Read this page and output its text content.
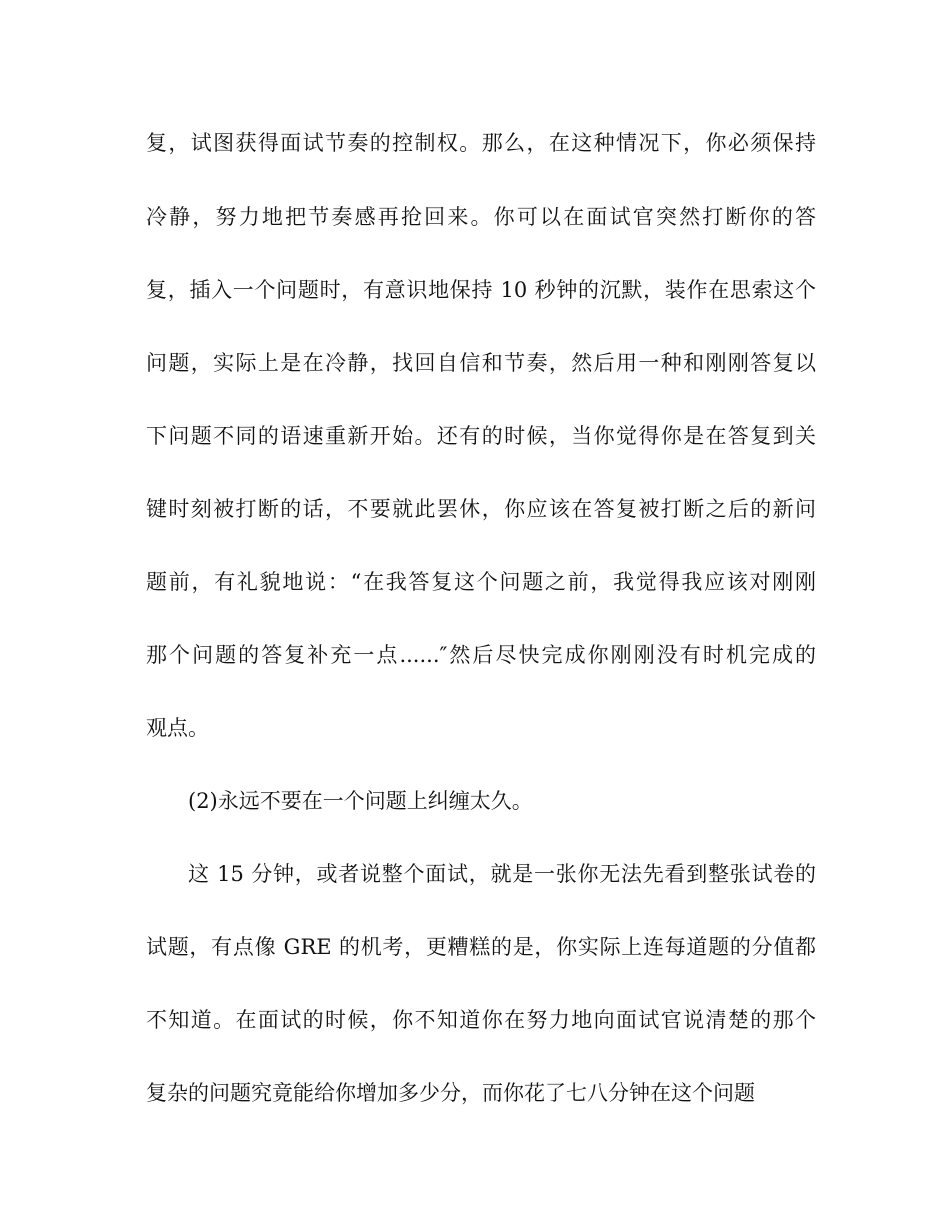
复，试图获得面试节奏的控制权。那么，在这种情况下，你必须保持
冷静，努力地把节奏感再抢回来。你可以在面试官突然打断你的答
复，插入一个问题时，有意识地保持 10 秒钟的沉默，装作在思索这个
问题，实际上是在冷静，找回自信和节奏，然后用一种和刚刚答复以
下问题不同的语速重新开始。还有的时候，当你觉得你是在答复到关
键时刻被打断的话，不要就此罢休，你应该在答复被打断之后的新问
题前，有礼貌地说：“在我答复这个问题之前，我觉得我应该对刚刚
那个问题的答复补充一点......″然后尽快完成你刚刚没有时机完成的
观点。
(2)永远不要在一个问题上纠缠太久。
这 15 分钟，或者说整个面试，就是一张你无法先看到整张试卷的
试题，有点像 GRE 的机考，更糟糕的是，你实际上连每道题的分值都
不知道。在面试的时候，你不知道你在努力地向面试官说清楚的那个
复杂的问题究竟能给你增加多少分，而你花了七八分钟在这个问题
